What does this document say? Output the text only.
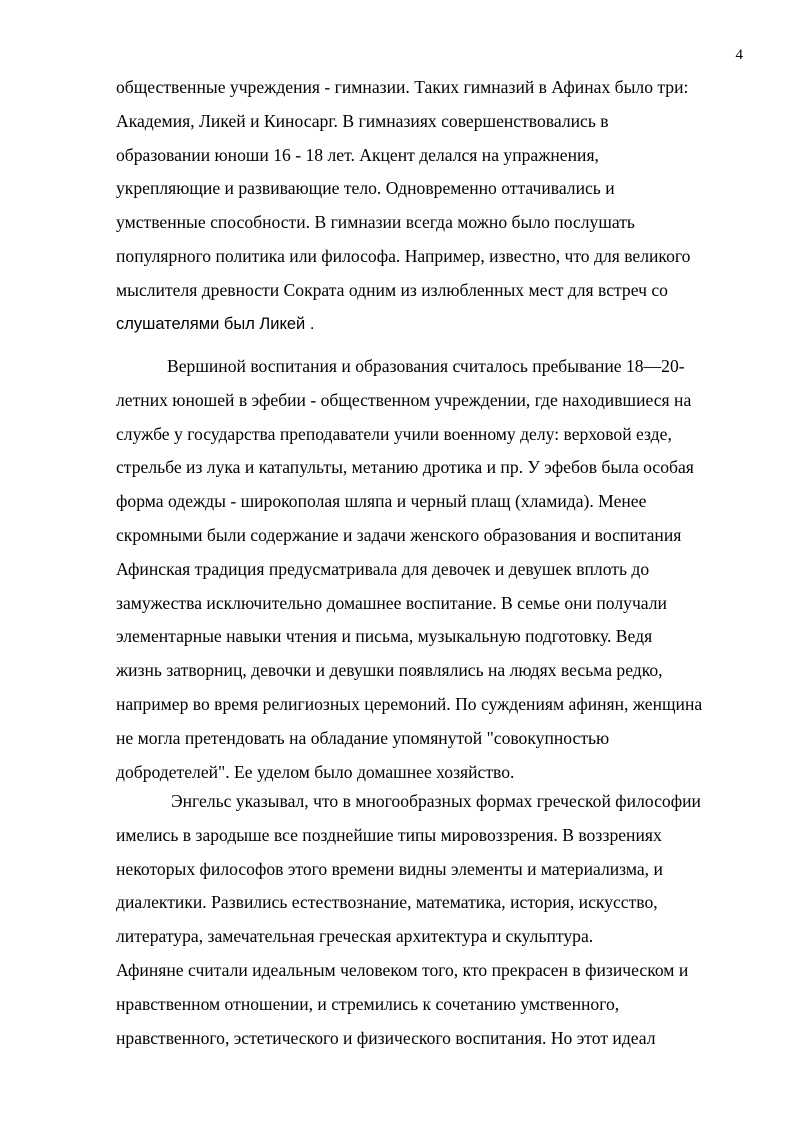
4
общественные учреждения - гимназии. Таких гимназий в Афинах было три:
Академия, Ликей и Киносарг. В гимназиях совершенствовались в
образовании юноши 16 - 18 лет. Акцент делался на упражнения,
укрепляющие и развивающие тело. Одновременно оттачивались и
умственные способности. В гимназии всегда можно было послушать
популярного политика или философа. Например, известно, что для великого
мыслителя древности Сократа одним из излюбленных мест для встреч со
слушателями был Ликей .
Вершиной воспитания и образования считалось пребывание 18—20-
летних юношей в эфебии - общественном учреждении, где находившиеся на
службе у государства преподаватели учили военному делу: верховой езде,
стрельбе из лука и катапульты, метанию дротика и пр. У эфебов была особая
форма одежды - широкополая шляпа и черный плащ (хламида). Менее
скромными были содержание и задачи женского образования и воспитания
Афинская традиция предусматривала для девочек и девушек вплоть до
замужества исключительно домашнее воспитание. В семье они получали
элементарные навыки чтения и письма, музыкальную подготовку. Ведя
жизнь затворниц, девочки и девушки появлялись на людях весьма редко,
например во время религиозных церемоний. По суждениям афинян, женщина
не могла претендовать на обладание упомянутой "совокупностью
добродетелей". Ее уделом было домашнее хозяйство.
Энгельс указывал, что в многообразных формах греческой философии
имелись в зародыше все позднейшие типы мировоззрения. В воззрениях
некоторых философов этого времени видны элементы и материализма, и
диалектики. Развились естествознание, математика, история, искусство,
литература, замечательная греческая архитектура и скульптура.
Афиняне считали идеальным человеком того, кто прекрасен в физическом и
нравственном отношении, и стремились к сочетанию умственного,
нравственного, эстетического и физического воспитания. Но этот идеал
